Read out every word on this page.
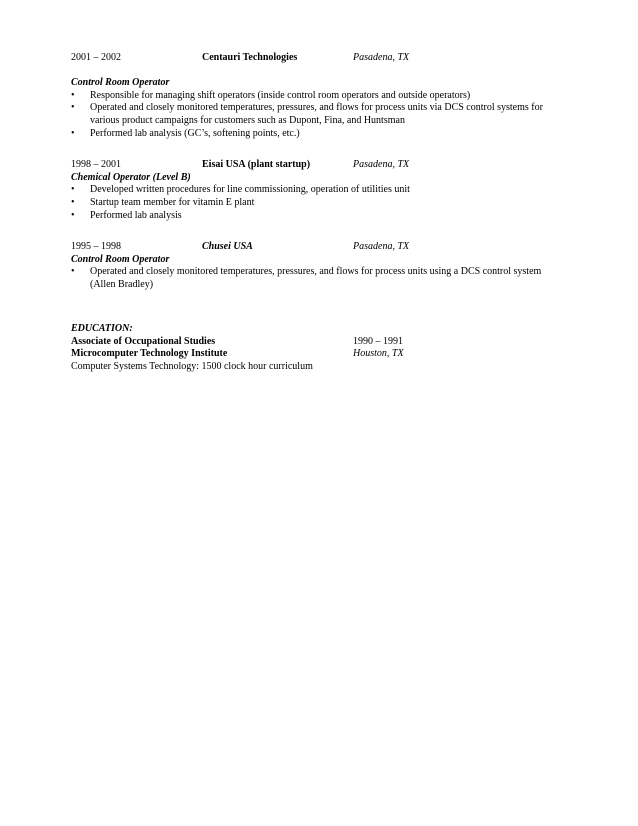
2001 – 2002	Centauri Technologies	Pasadena, TX
Control Room Operator
• Responsible for managing shift operators (inside control room operators and outside operators)
• Operated and closely monitored temperatures, pressures, and flows for process units via DCS control systems for various product campaigns for customers such as Dupont, Fina, and Huntsman
• Performed lab analysis (GC’s, softening points, etc.)
1998 – 2001	Eisai USA (plant startup)	Pasadena, TX
Chemical Operator (Level B)
• Developed written procedures for line commissioning, operation of utilities unit
• Startup team member for vitamin E plant
• Performed lab analysis
1995 – 1998	Chusei USA	Pasadena, TX
Control Room Operator
• Operated and closely monitored temperatures, pressures, and flows for process units using a DCS control system (Allen Bradley)
EDUCATION:
Associate of Occupational Studies	1990 – 1991
Microcomputer Technology Institute	Houston, TX
Computer Systems Technology: 1500 clock hour curriculum
